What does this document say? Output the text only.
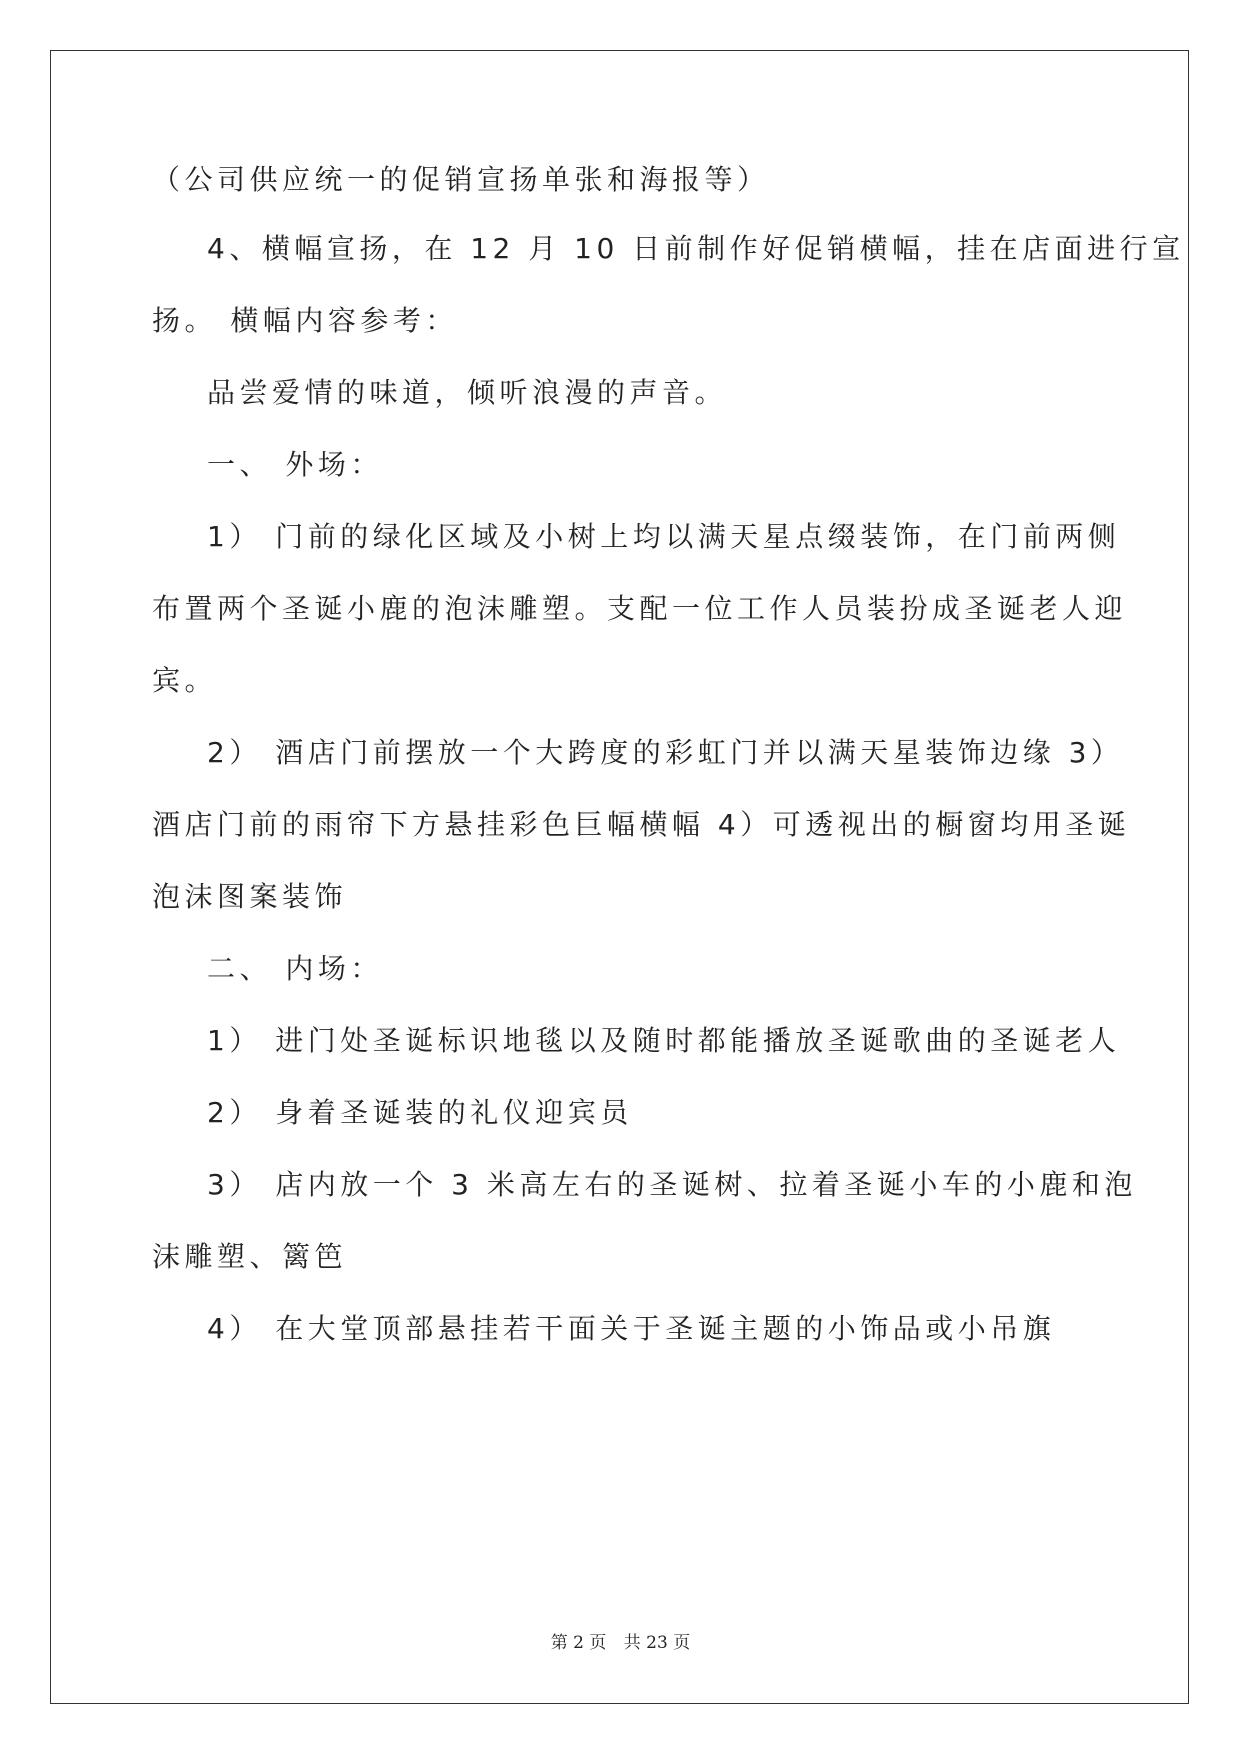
（公司供应统一的促销宣扬单张和海报等）
4、横幅宣扬，在 12 月 10 日前制作好促销横幅，挂在店面进行宣
扬。 横幅内容参考：
品尝爱情的味道，倾听浪漫的声音。
一、 外场：
1） 门前的绿化区域及小树上均以满天星点缀装饰，在门前两侧
布置两个圣诞小鹿的泡沫雕塑。支配一位工作人员装扮成圣诞老人迎
宾。
2） 酒店门前摆放一个大跨度的彩虹门并以满天星装饰边缘 3）
酒店门前的雨帘下方悬挂彩色巨幅横幅 4）可透视出的橱窗均用圣诞
泡沫图案装饰
二、 内场：
1） 进门处圣诞标识地毯以及随时都能播放圣诞歌曲的圣诞老人
2） 身着圣诞装的礼仪迎宾员
3） 店内放一个 3 米高左右的圣诞树、拉着圣诞小车的小鹿和泡
沫雕塑、篱笆
4） 在大堂顶部悬挂若干面关于圣诞主题的小饰品或小吊旗
第 2 页 共 23 页
